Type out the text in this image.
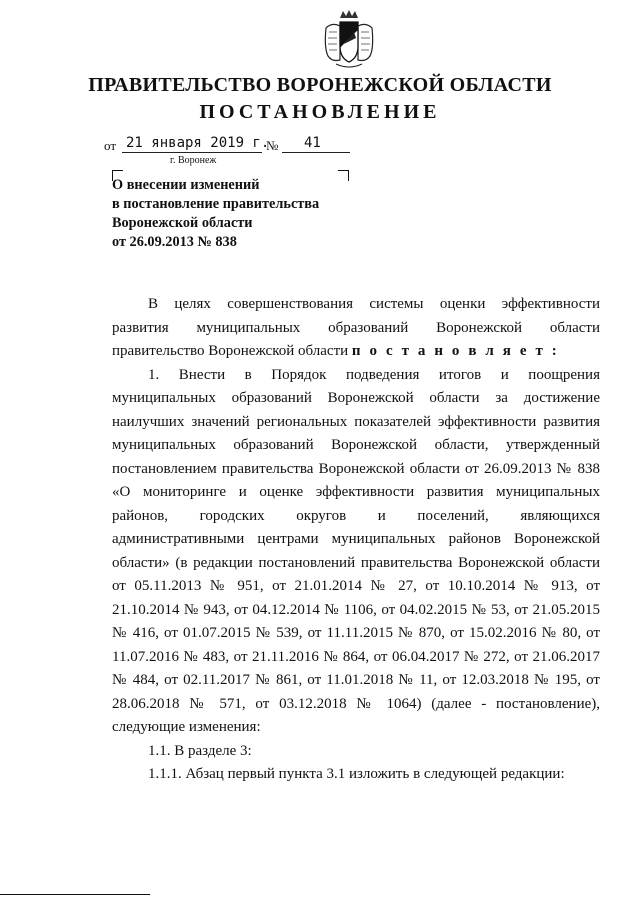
ПРАВИТЕЛЬСТВО ВОРОНЕЖСКОЙ ОБЛАСТИ
ПОСТАНОВЛЕНИЕ
от 21 января 2019 г.
№ 41
г. Воронеж
О внесении изменений
в постановление правительства
Воронежской области
от 26.09.2013 № 838
В целях совершенствования системы оценки эффективности
развития муниципальных образований Воронежской области
правительство Воронежской области п о с т а н о в л я е т :
1. Внести в Порядок подведения итогов и поощрения
муниципальных образований Воронежской области за достижение
наилучших значений региональных показателей эффективности развития
муниципальных образований Воронежской области, утвержденный
постановлением правительства Воронежской области от 26.09.2013 № 838
«О мониторинге и оценке эффективности развития муниципальных
районов, городских округов и поселений, являющихся
административными центрами муниципальных районов Воронежской
области» (в редакции постановлений правительства Воронежской области
от 05.11.2013 № 951, от 21.01.2014 № 27, от 10.10.2014 № 913, от
21.10.2014 № 943, от 04.12.2014 № 1106, от 04.02.2015 № 53, от 21.05.2015
№ 416, от 01.07.2015 № 539, от 11.11.2015 № 870, от 15.02.2016 № 80, от
11.07.2016 № 483, от 21.11.2016 № 864, от 06.04.2017 № 272, от 21.06.2017
№ 484, от 02.11.2017 № 861, от 11.01.2018 № 11, от 12.03.2018 № 195, от
28.06.2018 № 571, от 03.12.2018 № 1064) (далее - постановление),
следующие изменения:
1.1. В разделе 3:
1.1.1. Абзац первый пункта 3.1 изложить в следующей редакции:
